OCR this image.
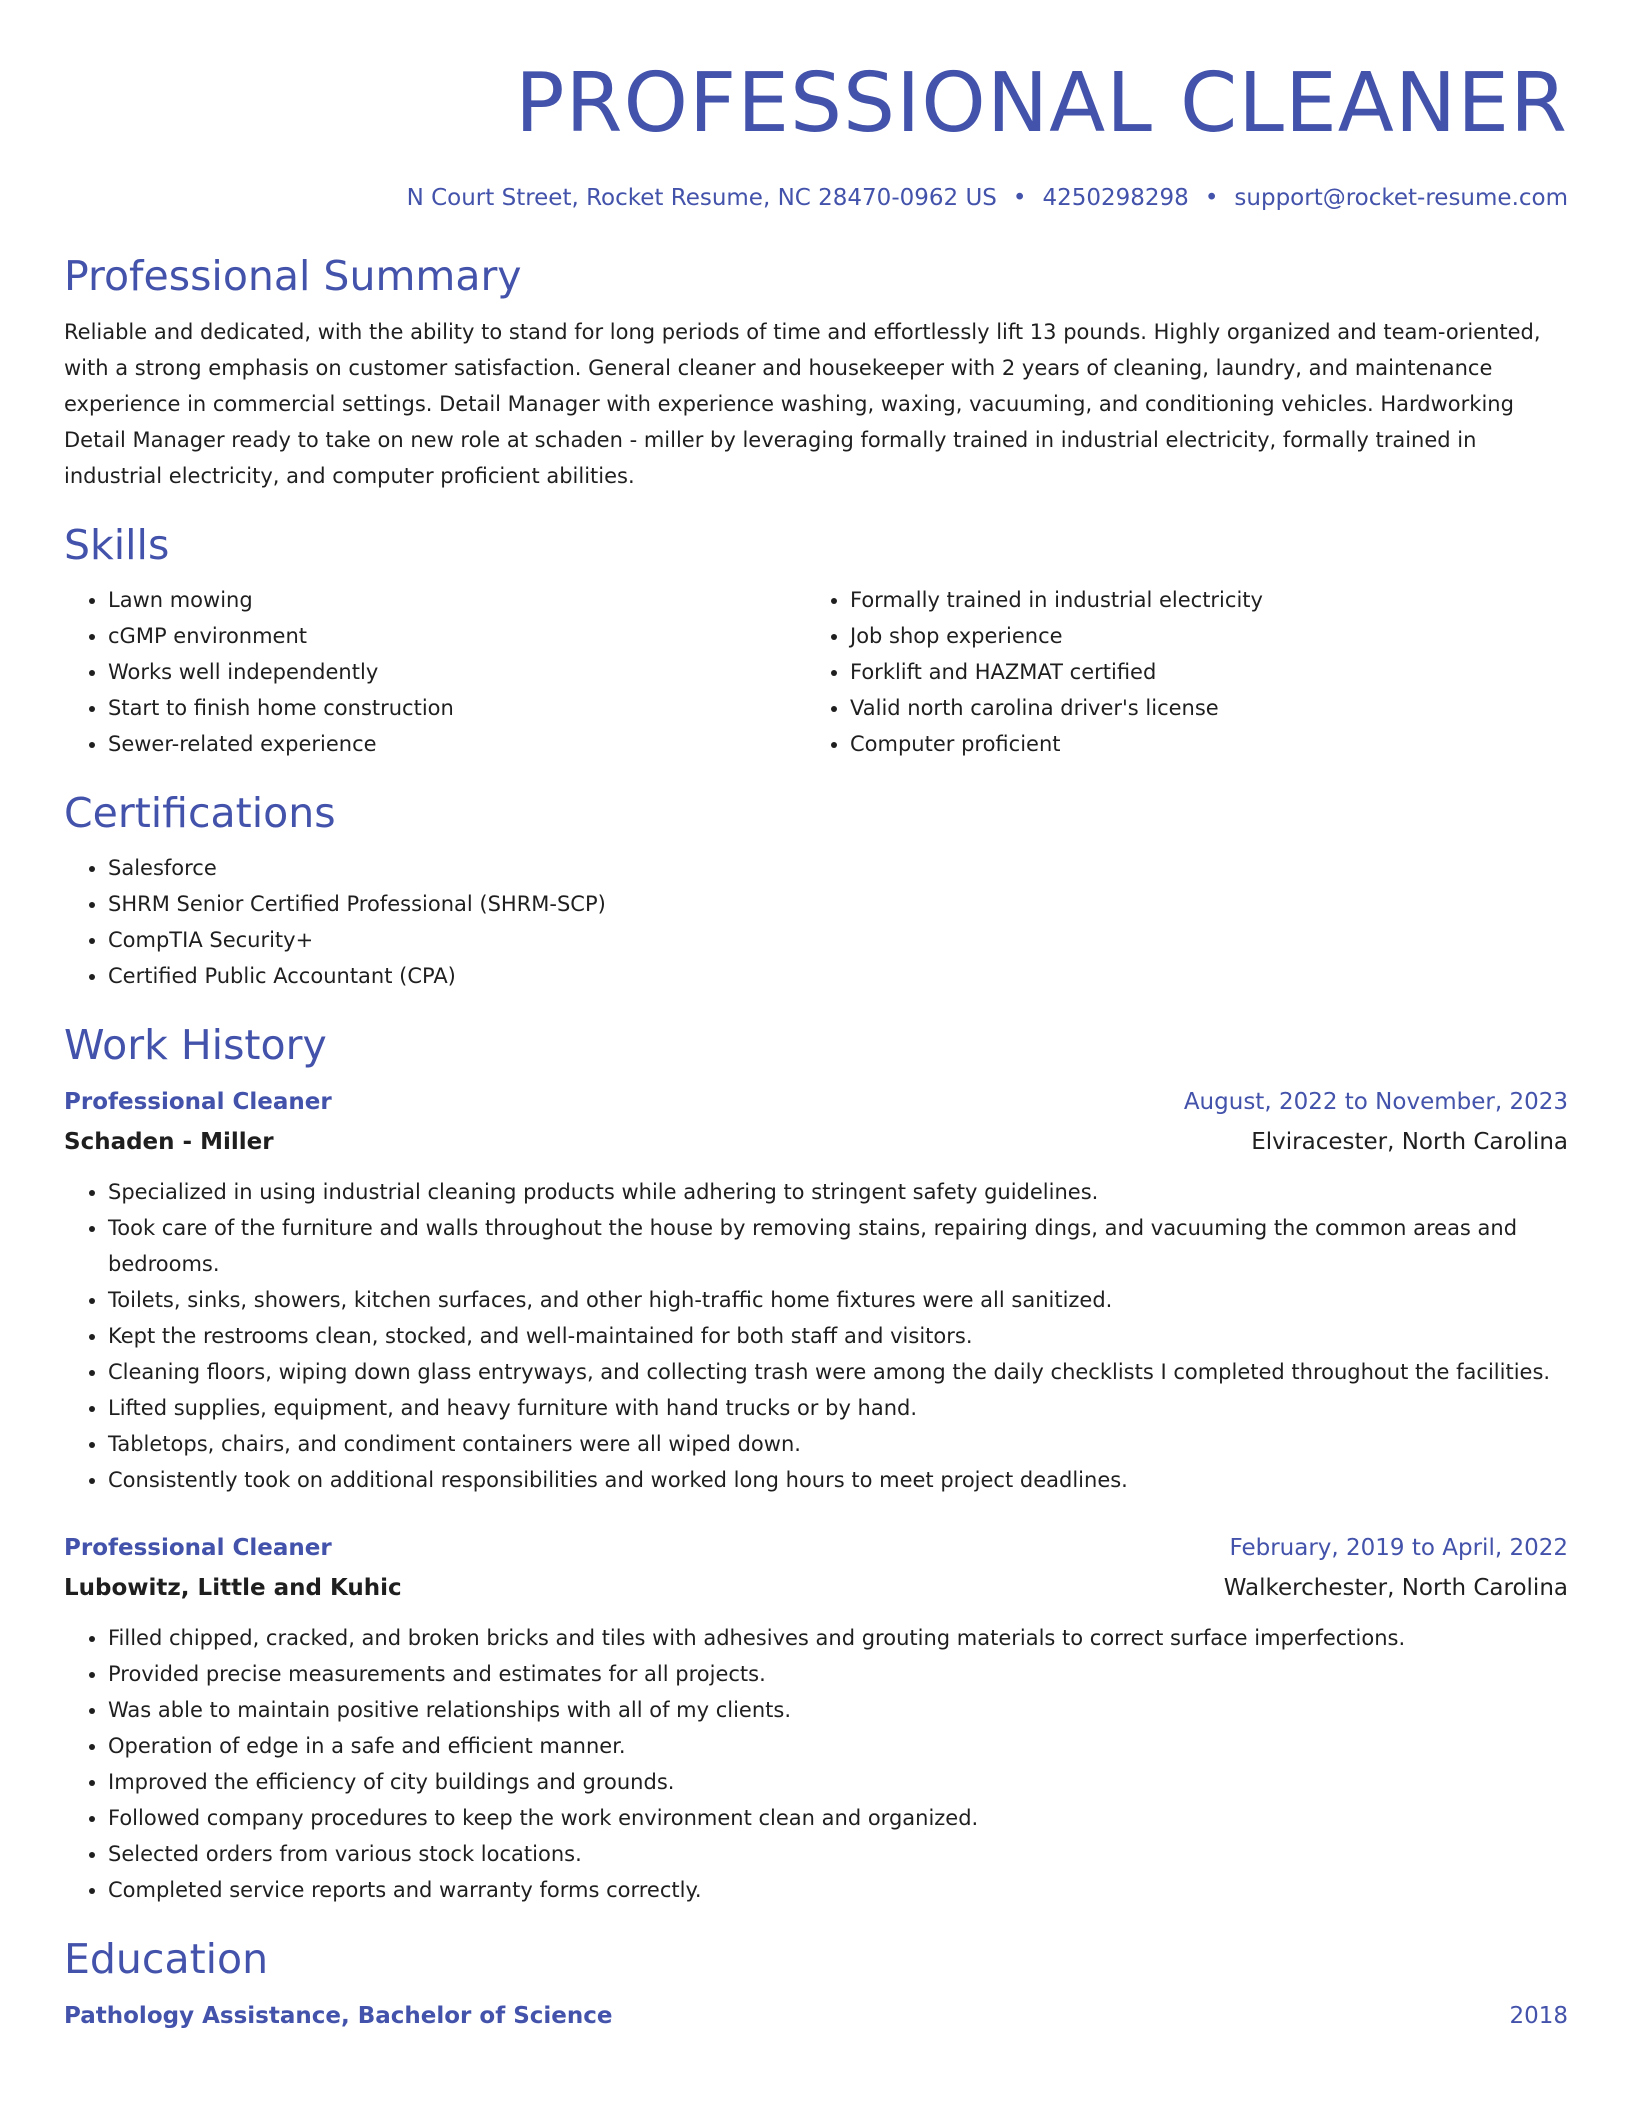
PROFESSIONAL CLEANER
N Court Street, Rocket Resume, NC 28470-0962 US • 4250298298 • support@rocket-resume.com
Professional Summary

Reliable and dedicated, with the ability to stand for long periods of time and effortlessly lift 13 pounds. Highly organized and team-oriented, with a strong emphasis on customer satisfaction. General cleaner and housekeeper with 2 years of cleaning, laundry, and maintenance experience in commercial settings. Detail Manager with experience washing, waxing, vacuuming, and conditioning vehicles. Hardworking Detail Manager ready to take on new role at schaden - miller by leveraging formally trained in industrial electricity, formally trained in industrial electricity, and computer proficient abilities.

Skills
• Lawn mowing
• cGMP environment
• Works well independently
• Start to finish home construction
• Sewer-related experience
• Formally trained in industrial electricity
• Job shop experience
• Forklift and HAZMAT certified
• Valid north carolina driver's license
• Computer proficient
Certifications
• Salesforce
• SHRM Senior Certified Professional (SHRM-SCP)
• CompTIA Security+
• Certified Public Accountant (CPA)
Work History
Professional Cleaner	August, 2022 to November, 2023
Schaden - Miller	Elviracester, North Carolina
• Specialized in using industrial cleaning products while adhering to stringent safety guidelines.
• Took care of the furniture and walls throughout the house by removing stains, repairing dings, and vacuuming the common areas and bedrooms.
• Toilets, sinks, showers, kitchen surfaces, and other high-traffic home fixtures were all sanitized.
• Kept the restrooms clean, stocked, and well-maintained for both staff and visitors.
• Cleaning floors, wiping down glass entryways, and collecting trash were among the daily checklists I completed throughout the facilities.
• Lifted supplies, equipment, and heavy furniture with hand trucks or by hand.
• Tabletops, chairs, and condiment containers were all wiped down.
• Consistently took on additional responsibilities and worked long hours to meet project deadlines.
Professional Cleaner	February, 2019 to April, 2022
Lubowitz, Little and Kuhic	Walkerchester, North Carolina
• Filled chipped, cracked, and broken bricks and tiles with adhesives and grouting materials to correct surface imperfections.
• Provided precise measurements and estimates for all projects.
• Was able to maintain positive relationships with all of my clients.
• Operation of edge in a safe and efficient manner.
• Improved the efficiency of city buildings and grounds.
• Followed company procedures to keep the work environment clean and organized.
• Selected orders from various stock locations.
• Completed service reports and warranty forms correctly.
Education
Pathology Assistance, Bachelor of Science	2018
